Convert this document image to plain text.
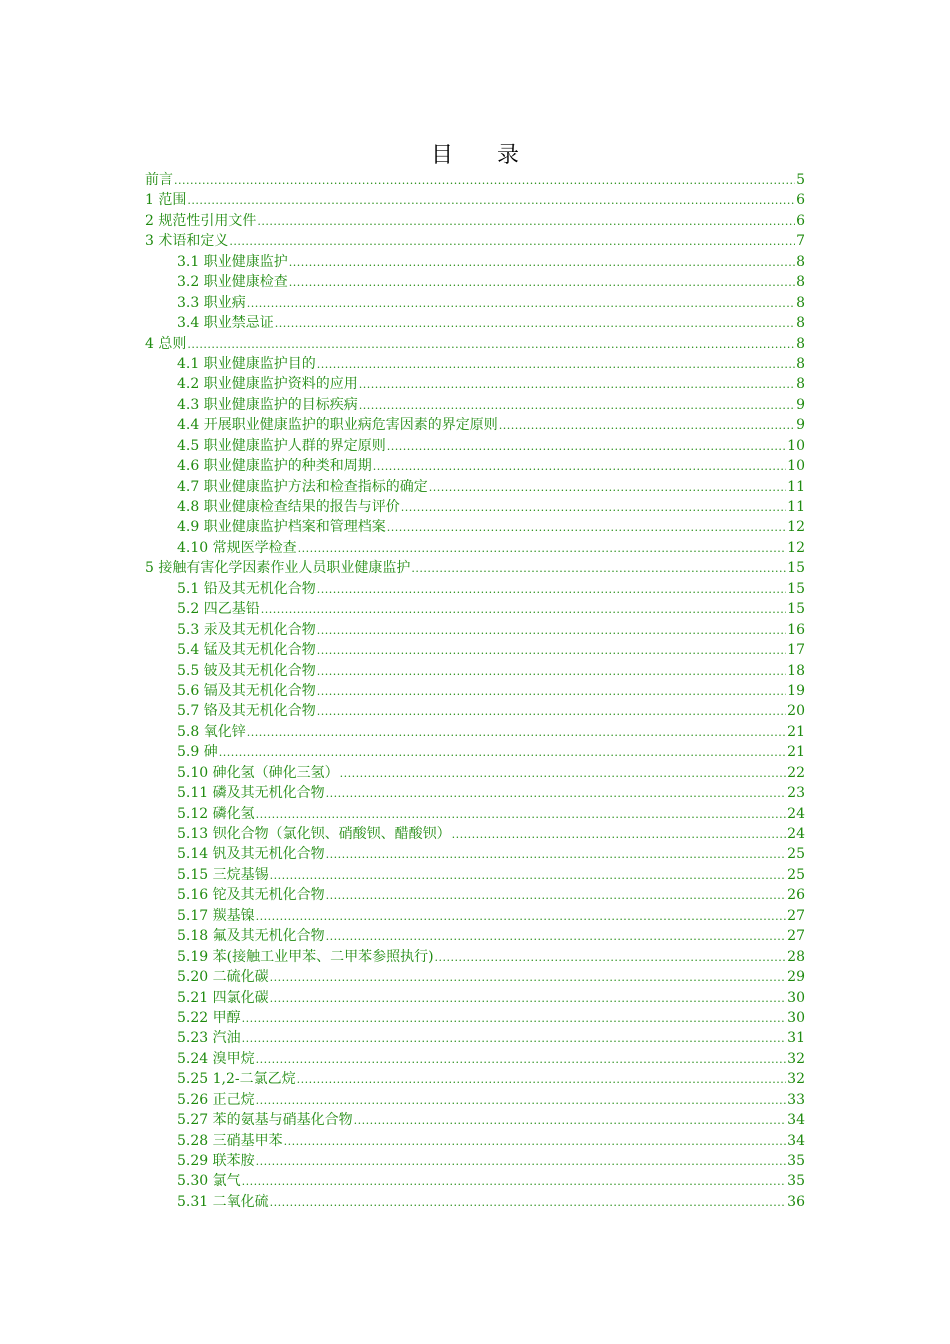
目 录
前言 .....	5
1 范围 .....	6
2 规范性引用文件 .....	6
3 术语和定义 .....	7
3.1 职业健康监护 .....	8
3.2 职业健康检查 .....	8
3.3 职业病 .....	8
3.4 职业禁忌证 .....	8
4 总则 .....	8
4.1 职业健康监护目的 .....	8
4.2 职业健康监护资料的应用 .....	8
4.3 职业健康监护的目标疾病 .....	9
4.4 开展职业健康监护的职业病危害因素的界定原则 .....	9
4.5 职业健康监护人群的界定原则 .....	10
4.6 职业健康监护的种类和周期 .....	10
4.7 职业健康监护方法和检查指标的确定 .....	11
4.8 职业健康检查结果的报告与评价 .....	11
4.9 职业健康监护档案和管理档案 .....	12
4.10 常规医学检查 .....	12
5 接触有害化学因素作业人员职业健康监护 .....	15
5.1 铅及其无机化合物 .....	15
5.2 四乙基铅 .....	15
5.3 汞及其无机化合物 .....	16
5.4 锰及其无机化合物 .....	17
5.5 铍及其无机化合物 .....	18
5.6 镉及其无机化合物 .....	19
5.7 铬及其无机化合物 .....	20
5.8 氧化锌 .....	21
5.9 砷 .....	21
5.10 砷化氢（砷化三氢） .....	22
5.11 磷及其无机化合物 .....	23
5.12 磷化氢 .....	24
5.13 钡化合物（氯化钡、硝酸钡、醋酸钡） .....	24
5.14 钒及其无机化合物 .....	25
5.15 三烷基锡 .....	25
5.16 铊及其无机化合物 .....	26
5.17 羰基镍 .....	27
5.18 氟及其无机化合物 .....	27
5.19 苯(接触工业甲苯、二甲苯参照执行) .....	28
5.20 二硫化碳 .....	29
5.21 四氯化碳 .....	30
5.22 甲醇 .....	30
5.23 汽油 .....	31
5.24 溴甲烷 .....	32
5.25 1,2-二氯乙烷 .....	32
5.26 正己烷 .....	33
5.27 苯的氨基与硝基化合物 .....	34
5.28 三硝基甲苯 .....	34
5.29 联苯胺 .....	35
5.30 氯气 .....	35
5.31 二氧化硫 .....	36
